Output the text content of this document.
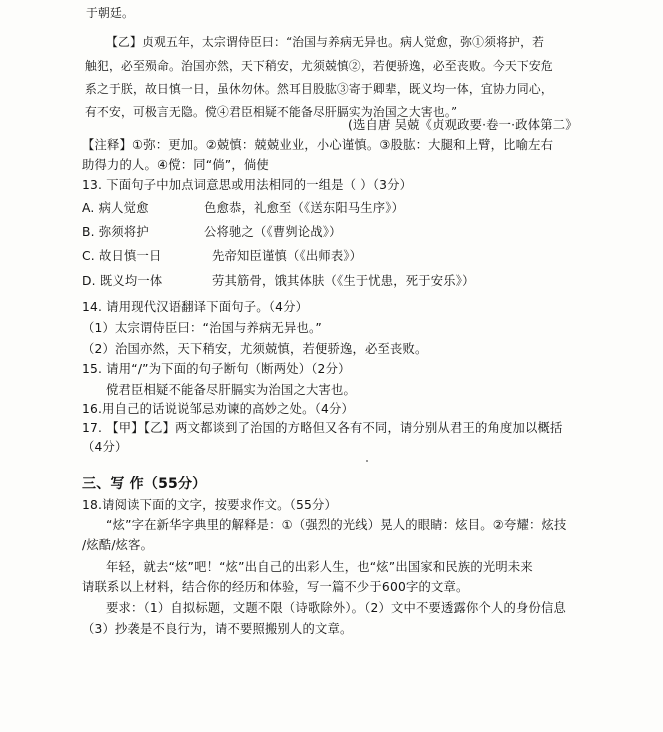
于朝廷。
【乙】贞观五年，太宗谓侍臣曰：“治国与养病无异也。病人觉愈，弥①须将护，若
触犯，必至殒命。治国亦然，天下稍安，尤须兢慎②，若便骄逸，必至丧败。今天下安危
系之于朕，故日慎一日，虽休勿休。然耳目股肱③寄于卿辈，既义均一体，宜协力同心，
有不安，可极言无隐。傥④君臣相疑不能备尽肝膈实为治国之大害也。”
(选自唐 吴兢《贞观政要·卷一·政体第二》
【注释】①弥：更加。②兢慎：兢兢业业，小心谨慎。③股肱：大腿和上臂，比喻左右
助得力的人。④傥：同“倘”，倘使
13. 下面句子中加点词意思或用法相同的一组是（ ）（3分）
A. 病人觉愈	色愈恭，礼愈至（《送东阳马生序》）
B. 弥须将护	公将驰之（《曹刿论战》）
C. 故日慎一日	先帝知臣谨慎（《出师表》）
D. 既义均一体	劳其筋骨，饿其体肤（《生于忧患，死于安乐》）
14. 请用现代汉语翻译下面句子。（4分）
（1）太宗谓侍臣曰：“治国与养病无异也。”
（2）治国亦然，天下稍安，尤须兢慎，若便骄逸，必至丧败。
15. 请用“/”为下面的句子断句（断两处）（2分）
傥君臣相疑不能备尽肝膈实为治国之大害也。
16.用自己的话说说邹忌劝谏的高妙之处。（4分）
17. 【甲】【乙】两文都谈到了治国的方略但又各有不同，请分别从君王的角度加以概括
（4分）
三、写 作（55分）
18.请阅读下面的文字，按要求作文。（55分）
“炫”字在新华字典里的解释是：①（强烈的光线）晃人的眼睛：炫目。②夸耀：炫技
/炫酷/炫客。
年轻，就去“炫”吧！“炫”出自己的出彩人生，也“炫”出国家和民族的光明未来
请联系以上材料，结合你的经历和体验，写一篇不少于600字的文章。
要求：（1）自拟标题，文题不限（诗歌除外）。（2）文中不要透露你个人的身份信息
（3）抄袭是不良行为，请不要照搬别人的文章。
